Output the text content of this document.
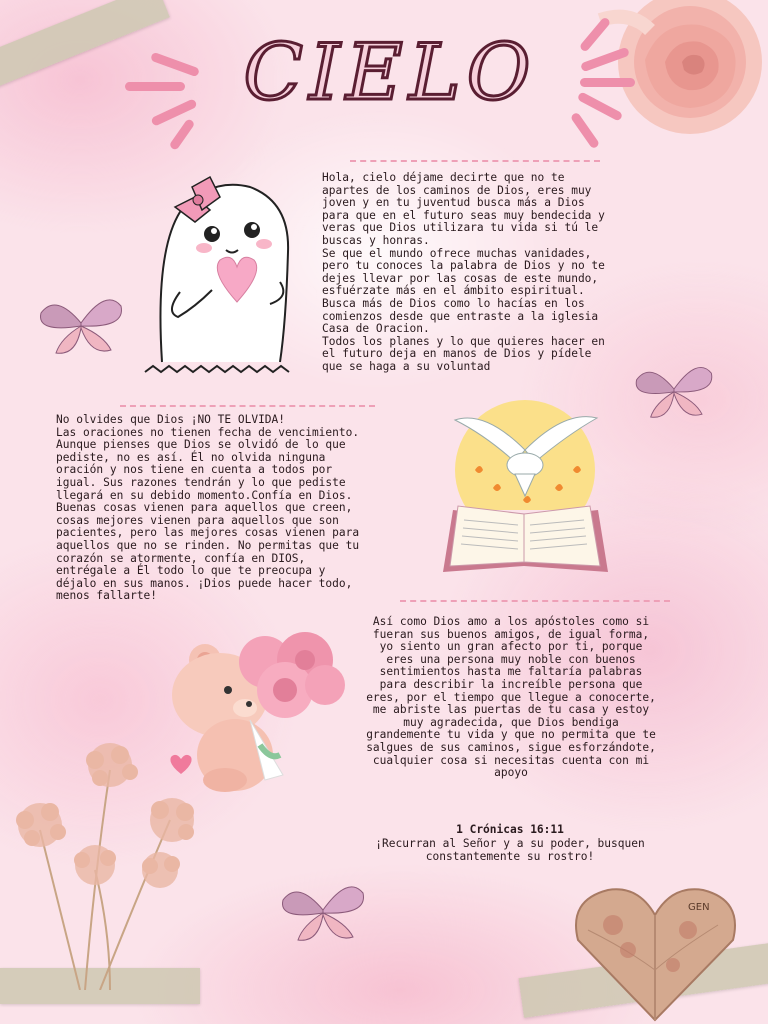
CIELO
Hola, cielo déjame decirte que no te
apartes de los caminos de Dios, eres muy
joven y en tu juventud busca más a Dios
para que en el futuro seas muy bendecida y
veras que Dios utilizara tu vida si tú le
buscas y honras.
Se que el mundo ofrece muchas vanidades,
pero tu conoces la palabra de Dios y no te
dejes llevar por las cosas de este mundo,
esfuérzate más en el ámbito espiritual.
Busca más de Dios como lo hacías en los
comienzos desde que entraste a la iglesia
Casa de Oracion.
Todos los planes y lo que quieres hacer en
el futuro deja en manos de Dios y pídele
que se haga a su voluntad
No olvides que Dios ¡NO TE OLVIDA!
Las oraciones no tienen fecha de vencimiento.
Aunque pienses que Dios se olvidó de lo que
pediste, no es así. Él no olvida ninguna
oración y nos tiene en cuenta a todos por
igual. Sus razones tendrán y lo que pediste
llegará en su debido momento.Confía en Dios.
Buenas cosas vienen para aquellos que creen,
cosas mejores vienen para aquellos que son
pacientes, pero las mejores cosas vienen para
aquellos que no se rinden. No permitas que tu
corazón se atormente, confía en DIOS,
entrégale a Él todo lo que te preocupa y
déjalo en sus manos. ¡Dios puede hacer todo,
menos fallarte!
Así como Dios amo a los apóstoles como si
fueran sus buenos amigos, de igual forma,
yo siento un gran afecto por ti, porque
eres una persona muy noble con buenos
sentimientos hasta me faltaría palabras
para describir la increíble persona que
eres, por el tiempo que llegue a conocerte,
me abriste las puertas de tu casa y estoy
muy agradecida, que Dios bendiga
grandemente tu vida y que no permita que te
salgues de sus caminos, sigue esforzándote,
cualquier cosa si necesitas cuenta con mi
apoyo
1 Crónicas 16:11
¡Recurran al Señor y a su poder, busquen
constantemente su rostro!
GEN
